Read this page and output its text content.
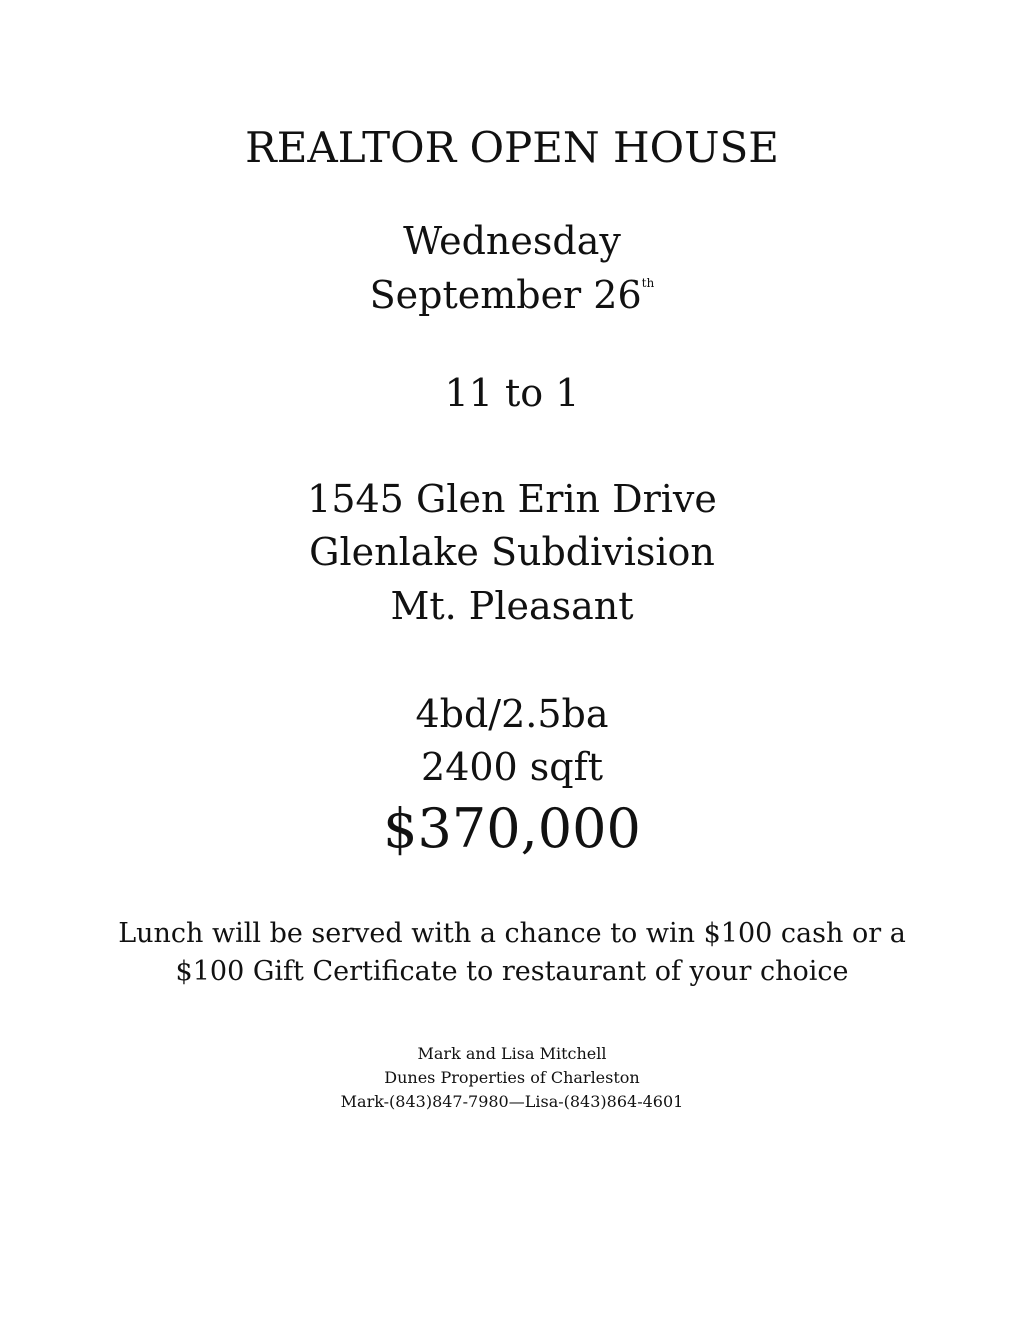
REALTOR OPEN HOUSE
Wednesday
September 26th
11 to 1
1545 Glen Erin Drive
Glenlake Subdivision
Mt. Pleasant
4bd/2.5ba
2400 sqft
$370,000
Lunch will be served with a chance to win $100 cash or a
$100 Gift Certificate to restaurant of your choice
Mark and Lisa Mitchell
Dunes Properties of Charleston
Mark-(843)847-7980—Lisa-(843)864-4601
